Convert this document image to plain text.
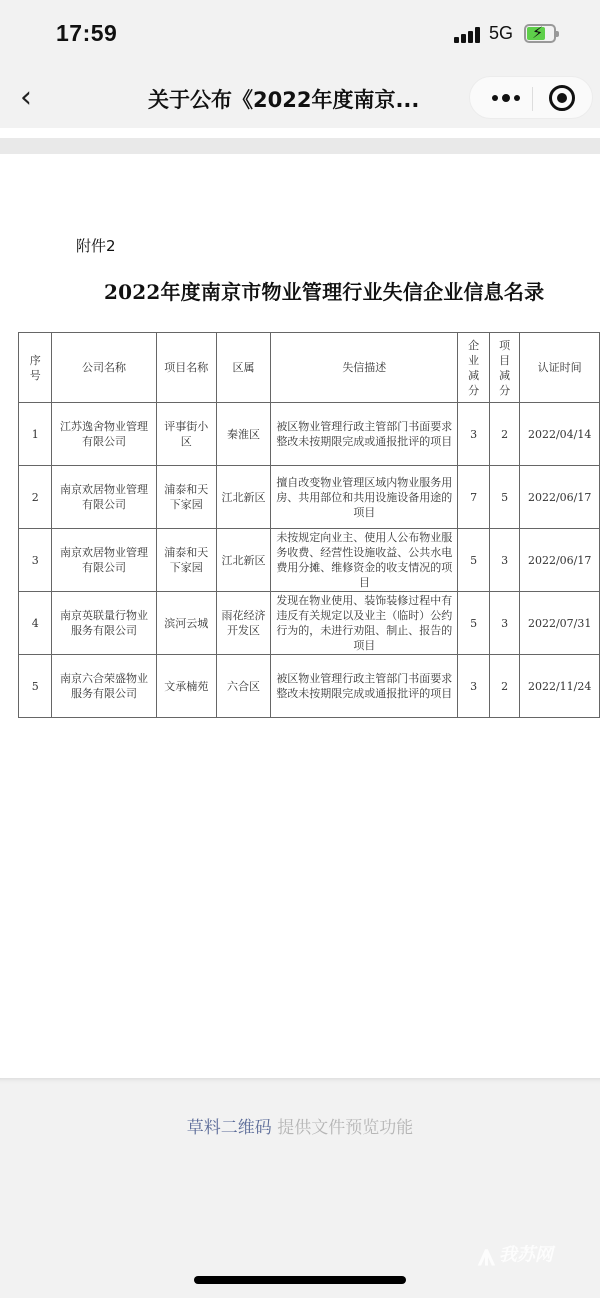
17:59	5G ⚡
‹	关于公布《2022年度南京...
附件2
2022年度南京市物业管理行业失信企业信息名录
序号	公司名称	项目名称	区属	失信描述	企业减分	项目减分	认证时间
1	江苏逸舍物业管理有限公司	评事街小区	秦淮区	被区物业管理行政主管部门书面要求整改未按期限完成或通报批评的项目	3	2	2022/04/14
2	南京欢居物业管理有限公司	浦泰和天下家园	江北新区	擅自改变物业管理区域内物业服务用房、共用部位和共用设施设备用途的项目	7	5	2022/06/17
3	南京欢居物业管理有限公司	浦泰和天下家园	江北新区	未按规定向业主、使用人公布物业服务收费、经营性设施收益、公共水电费用分摊、维修资金的收支情况的项目	5	3	2022/06/17
4	南京英联量行物业服务有限公司	滨河云城	雨花经济开发区	发现在物业使用、装饰装修过程中有违反有关规定以及业主（临时）公约行为的，未进行劝阻、制止、报告的项目	5	3	2022/07/31
5	南京六合荣盛物业服务有限公司	文承楠苑	六合区	被区物业管理行政主管部门书面要求整改未按期限完成或通报批评的项目	3	2	2022/11/24
草料二维码 提供文件预览功能
⩚ 我苏网
